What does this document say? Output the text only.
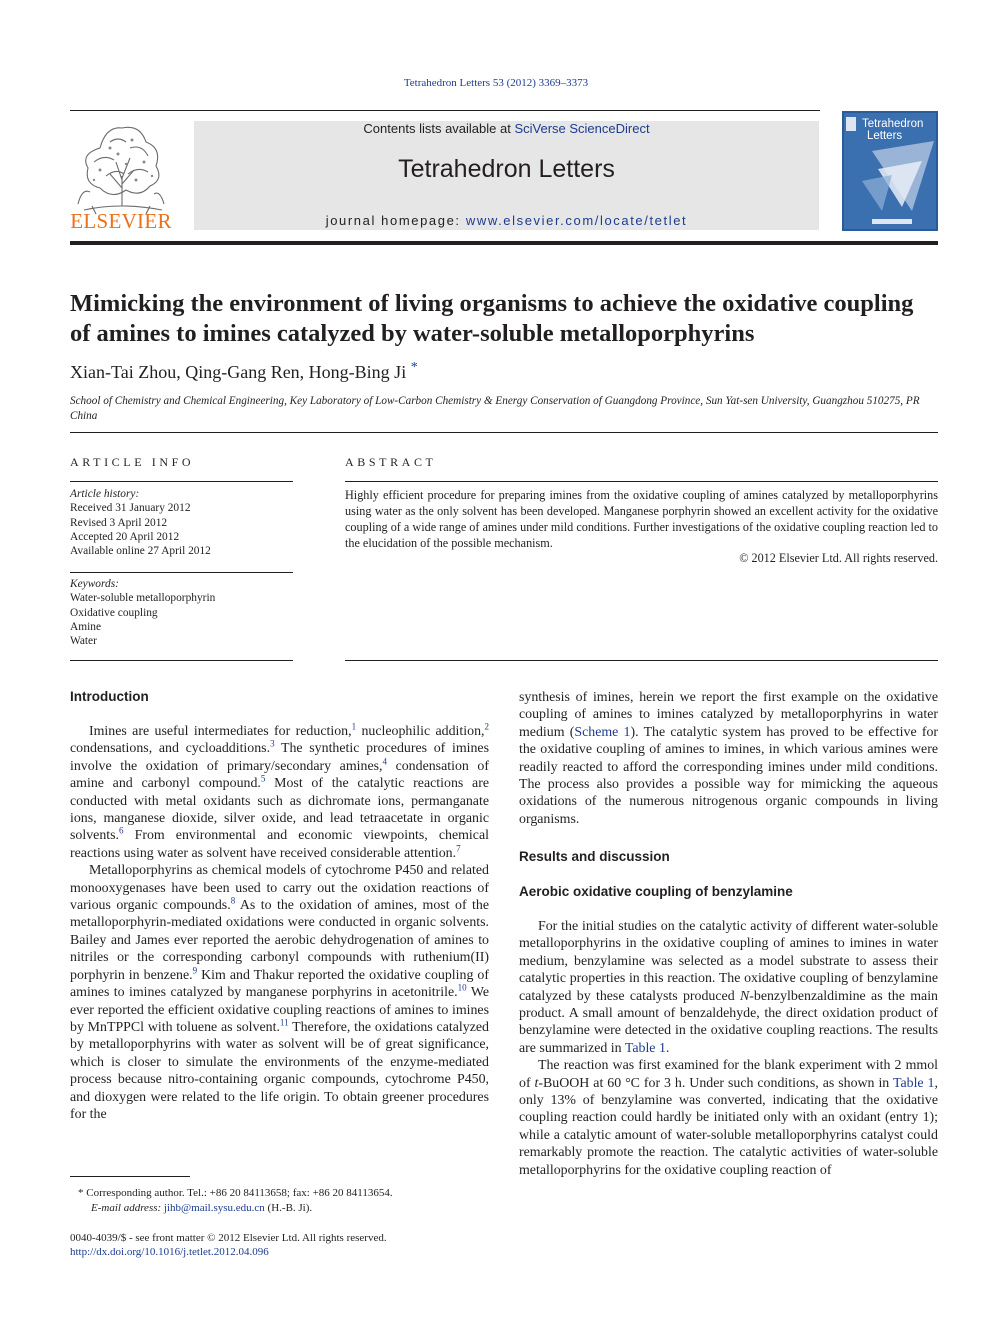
Tetrahedron Letters 53 (2012) 3369–3373
ELSEVIER
Contents lists available at SciVerse ScienceDirect
Tetrahedron Letters
journal homepage: www.elsevier.com/locate/tetlet
Tetrahedron
Letters
Mimicking the environment of living organisms to achieve the oxidative coupling of amines to imines catalyzed by water-soluble metalloporphyrins
Xian-Tai Zhou, Qing-Gang Ren, Hong-Bing Ji *
School of Chemistry and Chemical Engineering, Key Laboratory of Low-Carbon Chemistry & Energy Conservation of Guangdong Province, Sun Yat-sen University, Guangzhou 510275, PR China
ARTICLE INFO
Article history:
Received 31 January 2012
Revised 3 April 2012
Accepted 20 April 2012
Available online 27 April 2012
Keywords:
Water-soluble metalloporphyrin
Oxidative coupling
Amine
Water
ABSTRACT
Highly efficient procedure for preparing imines from the oxidative coupling of amines catalyzed by metalloporphyrins using water as the only solvent has been developed. Manganese porphyrin showed an excellent activity for the oxidative coupling of a wide range of amines under mild conditions. Further investigations of the oxidative coupling reaction led to the elucidation of the possible mechanism.
© 2012 Elsevier Ltd. All rights reserved.
Introduction

Imines are useful intermediates for reduction,$^1$ nucleophilic addition,$^2$ condensations, and cycloadditions.$^3$ The synthetic procedures of imines involve the oxidation of primary/secondary amines,$^4$ condensation of amine and carbonyl compound.$^5$ Most of the catalytic reactions are conducted with metal oxidants such as dichromate ions, permanganate ions, manganese dioxide, silver oxide, and lead tetraacetate in organic solvents.$^6$ From environmental and economic viewpoints, chemical reactions using water as solvent have received considerable attention.$^7$

Metalloporphyrins as chemical models of cytochrome P450 and related monooxygenases have been used to carry out the oxidation reactions of various organic compounds.$^8$ As to the oxidation of amines, most of the metalloporphyrin-mediated oxidations were conducted in organic solvents. Bailey and James ever reported the aerobic dehydrogenation of amines to nitriles or the corresponding carbonyl compounds with ruthenium(II) porphyrin in benzene.$^9$ Kim and Thakur reported the oxidative coupling of amines to imines catalyzed by manganese porphyrins in acetonitrile.$^{10}$ We ever reported the efficient oxidative coupling reactions of amines to imines by MnTPPCl with toluene as solvent.$^{11}$ Therefore, the oxidations catalyzed by metalloporphyrins with water as solvent will be of great significance, which is closer to simulate the environments of the enzyme-mediated process because nitro-containing organic compounds, cytochrome P450, and dioxygen were related to the life origin. To obtain greener procedures for the

* Corresponding author. Tel.: +86 20 84113658; fax: +86 20 84113654.
E-mail address: jihb@mail.sysu.edu.cn (H.-B. Ji).
0040-4039/$ - see front matter © 2012 Elsevier Ltd. All rights reserved.
http://dx.doi.org/10.1016/j.tetlet.2012.04.096

synthesis of imines, herein we report the first example on the oxidative coupling of amines to imines catalyzed by metalloporphyrins in water medium (Scheme 1). The catalytic system has proved to be effective for the oxidative coupling of amines to imines, in which various amines were readily reacted to afford the corresponding imines under mild conditions. The process also provides a possible way for mimicking the aqueous oxidations of the numerous nitrogenous organic compounds in living organisms.

Results and discussion
Aerobic oxidative coupling of benzylamine

For the initial studies on the catalytic activity of different water-soluble metalloporphyrins in the oxidative coupling of amines to imines in water medium, benzylamine was selected as a model substrate to assess their catalytic properties in this reaction. The oxidative coupling of benzylamine catalyzed by these catalysts produced N-benzylbenzaldimine as the main product. A small amount of benzaldehyde, the direct oxidation product of benzylamine were detected in the oxidative coupling reactions. The results are summarized in Table 1.

The reaction was first examined for the blank experiment with 2 mmol of t-BuOOH at 60 °C for 3 h. Under such conditions, as shown in Table 1, only 13% of benzylamine was converted, indicating that the oxidative coupling reaction could hardly be initiated only with an oxidant (entry 1); while a catalytic amount of water-soluble metalloporphyrins catalyst could remarkably promote the reaction. The catalytic activities of water-soluble metalloporphyrins for the oxidative coupling reaction of
